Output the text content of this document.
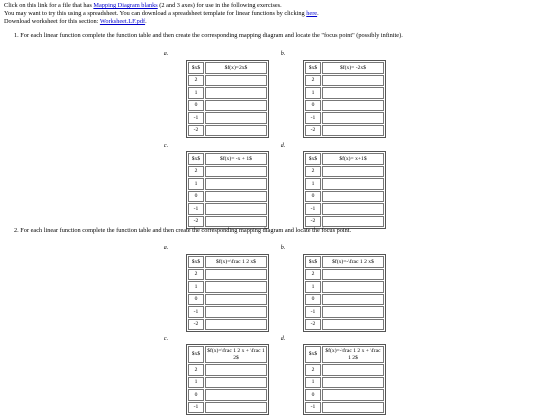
Click on this link for a file that has Mapping Diagram blanks (2 and 3 axes) for use in the following exercises.
You may want to try this using a spreadsheet. You can download a spreadsheet template for linear functions by clicking here.
Download worksheet for this section: Worksheet.LF.pdf.
1. For each linear function complete the function table and then create the corresponding mapping diagram and locate the "focus point" (possibly infinite).
a.	b.
c.	d.
$x$	$f(x)=2x$
2	
1	
0	
-1	
-2	
$x$	$f(x)= -2x$
2	
1	
0	
-1	
-2	
$x$	$f(x)= -x + 1$
2	
1	
0	
-1	
-2	
$x$	$f(x)= x+1$
2	
1	
0	
-1	
-2	
2. For each linear function complete the function table and then create the corresponding mapping diagram and locate the focus point.
a.	b.
c.	d.
$x$	$f(x)=\frac 1 2 x$
2	
1	
0	
-1	
-2	
$x$	$f(x)=-\frac 1 2 x$
2	
1	
0	
-1	
-2	
$x$	$f(x)=\frac 1 2 x + \frac 1 2$
2	
1	
0	
-1	
$x$	$f(x)=-\frac 1 2 x + \frac 1 2$
2	
1	
0	
-1	
